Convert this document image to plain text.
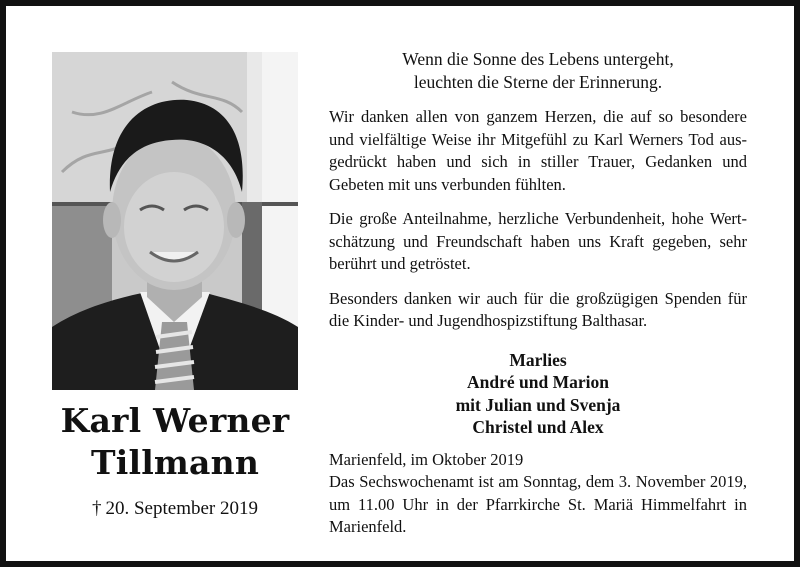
Karl Werner
Tillmann
† 20. September 2019
Wenn die Sonne des Lebens untergeht,
leuchten die Sterne der Erinnerung.

Wir danken allen von ganzem Herzen, die auf so besondere und vielfältige Weise ihr Mitgefühl zu Karl Werners Tod ausgedrückt haben und sich in stiller Trauer, Gedanken und Gebeten mit uns verbunden fühlten.

Die große Anteilnahme, herzliche Verbundenheit, hohe Wertschätzung und Freundschaft haben uns Kraft gegeben, sehr berührt und getröstet.

Besonders danken wir auch für die großzügigen Spenden für die Kinder- und Jugendhospizstiftung Balthasar.

Marlies
André und Marion
mit Julian und Svenja
Christel und Alex

Marienfeld, im Oktober 2019

Das Sechswochenamt ist am Sonntag, dem 3. November 2019, um 11.00 Uhr in der Pfarrkirche St. Mariä Himmelfahrt in Marienfeld.
